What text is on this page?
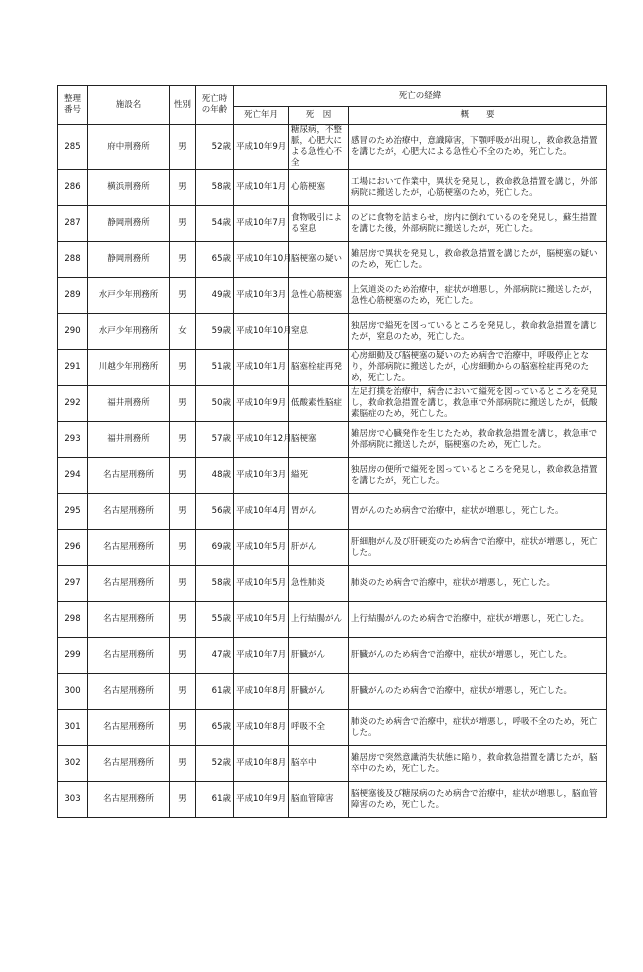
整理番号	施設名	性別	死亡時の年齢	死亡の経緯		
				死亡年月	死　因	概　　要
285	府中刑務所	男	52歳	平成10年9月	糖尿病，不整脈，心肥大による急性心不全	感冒のため治療中，意識障害，下顎呼吸が出現し，救命救急措置を講じたが，心肥大による急性心不全のため，死亡した。
286	横浜刑務所	男	58歳	平成10年1月	心筋梗塞	工場において作業中，異状を発見し，救命救急措置を講じ，外部病院に搬送したが，心筋梗塞のため，死亡した。
287	静岡刑務所	男	54歳	平成10年7月	食物吸引による窒息	のどに食物を詰まらせ，房内に倒れているのを発見し，蘇生措置を講じた後，外部病院に搬送したが，死亡した。
288	静岡刑務所	男	65歳	平成10年10月	脳梗塞の疑い	雑居房で異状を発見し，救命救急措置を講じたが，脳梗塞の疑いのため，死亡した。
289	水戸少年刑務所	男	49歳	平成10年3月	急性心筋梗塞	上気道炎のため治療中，症状が増悪し，外部病院に搬送したが，急性心筋梗塞のため，死亡した。
290	水戸少年刑務所	女	59歳	平成10年10月	窒息	独居房で縊死を図っているところを発見し，救命救急措置を講じたが，窒息のため，死亡した。
291	川越少年刑務所	男	51歳	平成10年1月	脳塞栓症再発	心房細動及び脳梗塞の疑いのため病舎で治療中，呼吸停止となり，外部病院に搬送したが，心房細動からの脳塞栓症再発のため，死亡した。
292	福井刑務所	男	50歳	平成10年9月	低酸素性脳症	左足打撲を治療中，病舎において縊死を図っているところを発見し，救命救急措置を講じ，救急車で外部病院に搬送したが，低酸素脳症のため，死亡した。
293	福井刑務所	男	57歳	平成10年12月	脳梗塞	雑居房で心臓発作を生じたため，救命救急措置を講じ，救急車で外部病院に搬送したが，脳梗塞のため，死亡した。
294	名古屋刑務所	男	48歳	平成10年3月	縊死	独居房の便所で縊死を図っているところを発見し，救命救急措置を講じたが，死亡した。
295	名古屋刑務所	男	56歳	平成10年4月	胃がん	胃がんのため病舎で治療中，症状が増悪し，死亡した。
296	名古屋刑務所	男	69歳	平成10年5月	肝がん	肝細胞がん及び肝硬変のため病舎で治療中，症状が増悪し，死亡した。
297	名古屋刑務所	男	58歳	平成10年5月	急性肺炎	肺炎のため病舎で治療中，症状が増悪し，死亡した。
298	名古屋刑務所	男	55歳	平成10年5月	上行結腸がん	上行結腸がんのため病舎で治療中，症状が増悪し，死亡した。
299	名古屋刑務所	男	47歳	平成10年7月	肝臓がん	肝臓がんのため病舎で治療中，症状が増悪し，死亡した。
300	名古屋刑務所	男	61歳	平成10年8月	肝臓がん	肝臓がんのため病舎で治療中，症状が増悪し，死亡した。
301	名古屋刑務所	男	65歳	平成10年8月	呼吸不全	肺炎のため病舎で治療中，症状が増悪し，呼吸不全のため，死亡した。
302	名古屋刑務所	男	52歳	平成10年8月	脳卒中	雑居房で突然意識消失状態に陥り，救命救急措置を講じたが，脳卒中のため，死亡した。
303	名古屋刑務所	男	61歳	平成10年9月	脳血管障害	脳梗塞後及び糖尿病のため病舎で治療中，症状が増悪し，脳血管障害のため，死亡した。
